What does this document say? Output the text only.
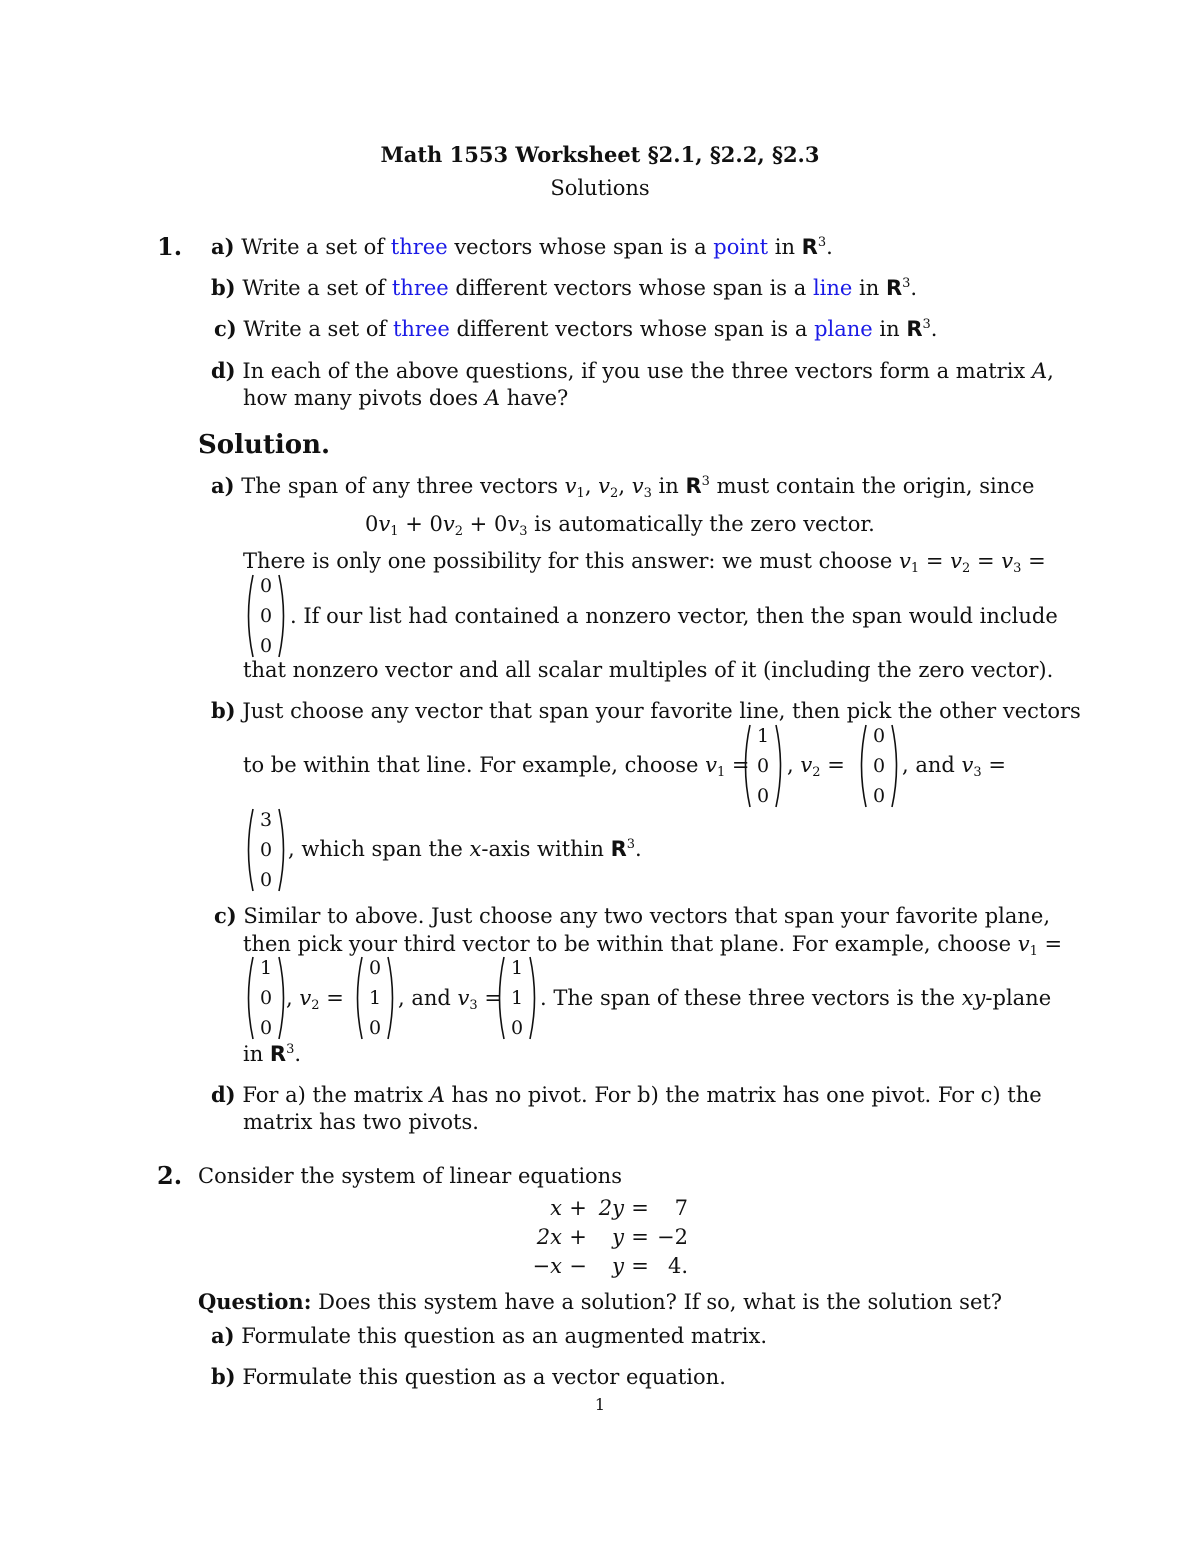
Math 1553 Worksheet §2.1, §2.2, §2.3
Solutions
1. a) Write a set of three vectors whose span is a point in $R^3$.
b) Write a set of three different vectors whose span is a line in $R^3$.
c) Write a set of three different vectors whose span is a plane in $R^3$.
d) In each of the above questions, if you use the three vectors form a matrix A,
how many pivots does A have?
Solution.
a) The span of any three vectors $v_1$, $v_2$, $v_3$ in $R^3$ must contain the origin, since
$0v_1 + 0v_2 + 0v_3$ is automatically the zero vector.
There is only one possibility for this answer: we must choose $v_1 = v_2 = v_3$ =
0
0
0
. If our list had contained a nonzero vector, then the span would include
that nonzero vector and all scalar multiples of it (including the zero vector).
b) Just choose any vector that span your favorite line, then pick the other vectors
to be within that line. For example, choose $v_1$ =
1
0
0
, $v_2$ =
0
0
0
, and $v_3$ =
3
0
0
, which span the x-axis within $R^3$.
c) Similar to above. Just choose any two vectors that span your favorite plane,
then pick your third vector to be within that plane. For example, choose $v_1$ =
1
0
0
, $v_2$ =
0
1
0
, and $v_3$ =
1
1
0
. The span of these three vectors is the xy-plane
in $R^3$.
d) For a) the matrix A has no pivot. For b) the matrix has one pivot. For c) the
matrix has two pivots.
2. Consider the system of linear equations
x	+	2y	=	7
2x	+	y	=	−2
−x	−	y	=	4.
Question: Does this system have a solution? If so, what is the solution set?
a) Formulate this question as an augmented matrix.
b) Formulate this question as a vector equation.
1
